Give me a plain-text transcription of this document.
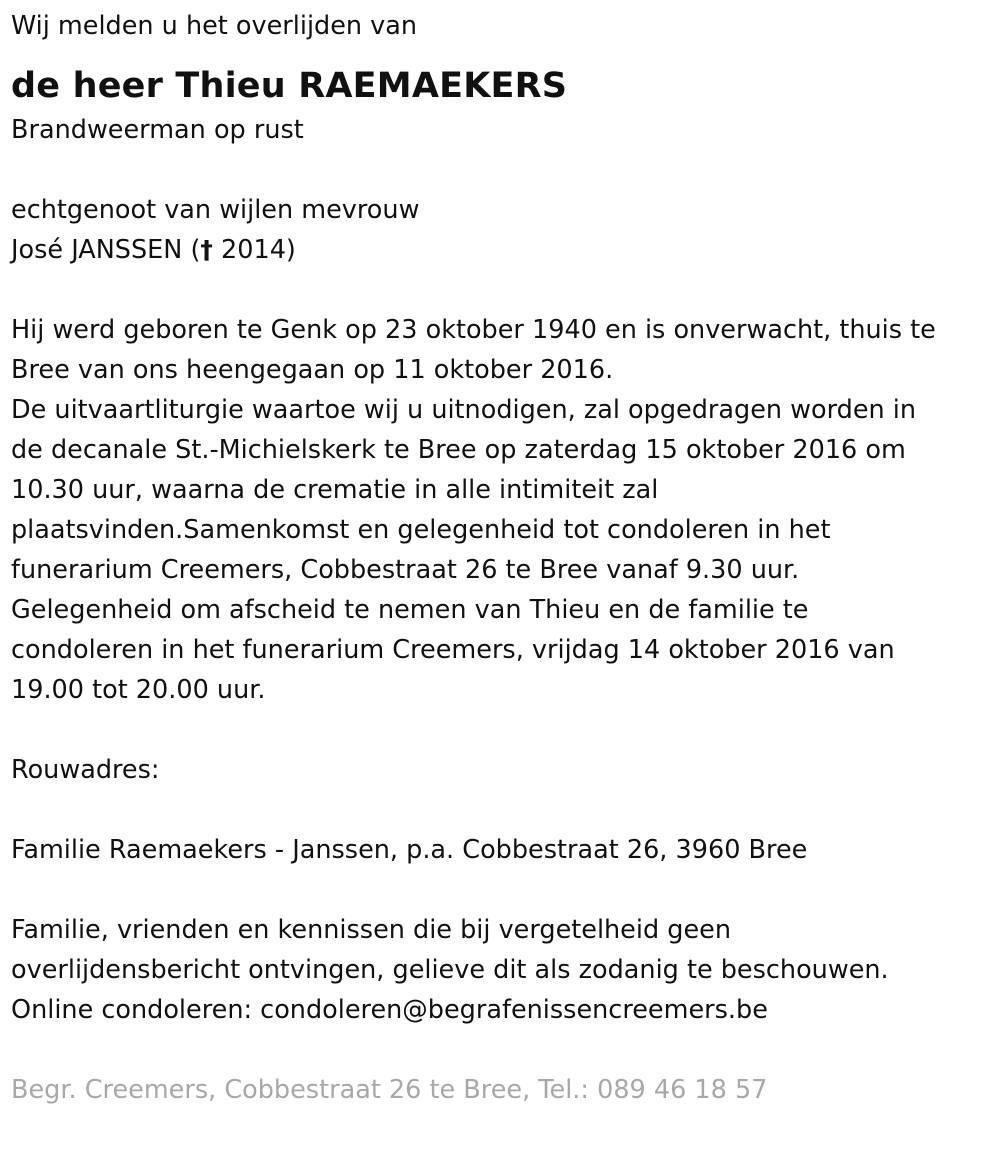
Wij melden u het overlijden van

de heer Thieu RAEMAEKERS

Brandweerman op rust

echtgenoot van wijlen mevrouw

José JANSSEN († 2014)

Hij werd geboren te Genk op 23 oktober 1940 en is onverwacht, thuis te

Bree van ons heengegaan op 11 oktober 2016.

De uitvaartliturgie waartoe wij u uitnodigen, zal opgedragen worden in

de decanale St.-Michielskerk te Bree op zaterdag 15 oktober 2016 om

10.30 uur, waarna de crematie in alle intimiteit zal

plaatsvinden.Samenkomst en gelegenheid tot condoleren in het

funerarium Creemers, Cobbestraat 26 te Bree vanaf 9.30 uur.

Gelegenheid om afscheid te nemen van Thieu en de familie te

condoleren in het funerarium Creemers, vrijdag 14 oktober 2016 van

19.00 tot 20.00 uur.

Rouwadres:

Familie Raemaekers - Janssen, p.a. Cobbestraat 26, 3960 Bree

Familie, vrienden en kennissen die bij vergetelheid geen

overlijdensbericht ontvingen, gelieve dit als zodanig te beschouwen.

Online condoleren: condoleren@begrafenissencreemers.be

Begr. Creemers, Cobbestraat 26 te Bree, Tel.: 089 46 18 57
